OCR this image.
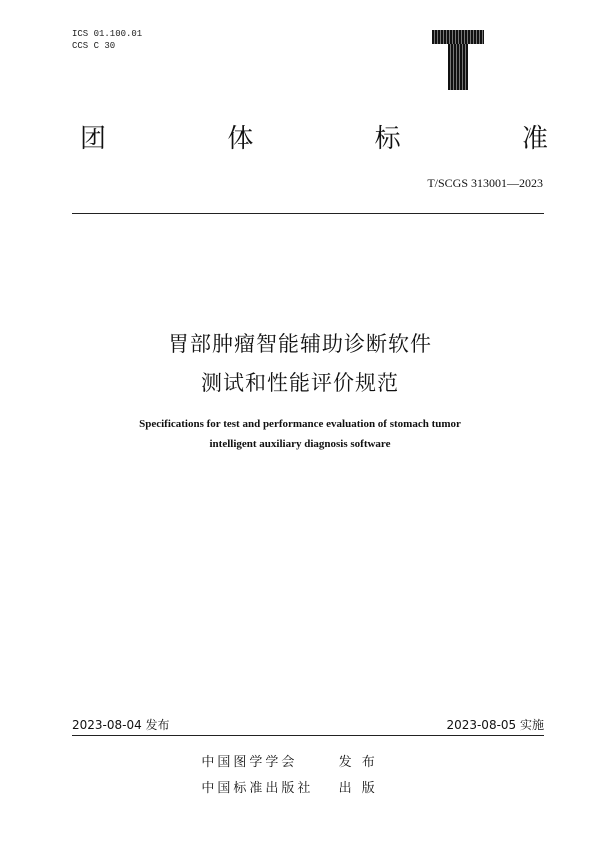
ICS 01.100.01
CCS C 30
团	体	标	准
T/SCGS 313001—2023
胃部肿瘤智能辅助诊断软件
测试和性能评价规范
Specifications for test and performance evaluation of stomach tumor
intelligent auxiliary diagnosis software
2023-08-04 发布	2023-08-05 实施
中国图学学会	发 布
中国标准出版社 出 版
